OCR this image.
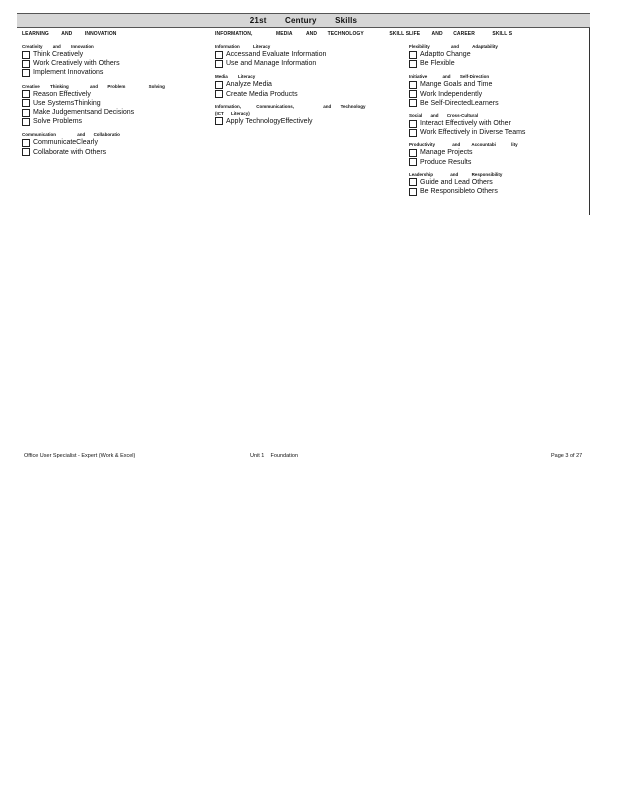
21st Century Skills
LEARNING AND	INNOVATION
Creativity and Innovation
Think Creatively
Work Creatively with Others
Implement Innovations
Creative Thinking	and Problem	Solving
Reason Effectively
Use SystemsThinking
Make Judgementsand Decisions
Solve Problems
Communication	and Collaboratio
CommunicateClearly
Collaborate with Others
INFORMATION,	MEDIA	AND TECHNOLOGY	SKILL S
Information	Literacy
Accessand Evaluate Information
Use and Manage Information
Media Literacy
Analyze Media
Create Media Products
Information,	Communications,	and Technology
(ICT Literacy)
Apply TechnologyEffectively
LIFE AND CAREER	SKILL S
Flexibility	and	Adaptability
Adaptto Change
Be Flexible
Initiative	and Self-Direction
Mange Goals and Time
Work Independently
Be Self-DirectedLearners
Social and Cross-Cultural
Interact Effectively with Other
Work Effectively in Diverse Teams
Productivity	and Accountabi	lity
Manage Projects
Produce Results
Leadership	and	Responsibility
Guide and Lead Others
Be Responsibleto Others
Office User Specialist - Expert (Work & Excel)	Unit 1    Foundation	Page 3 of 27
